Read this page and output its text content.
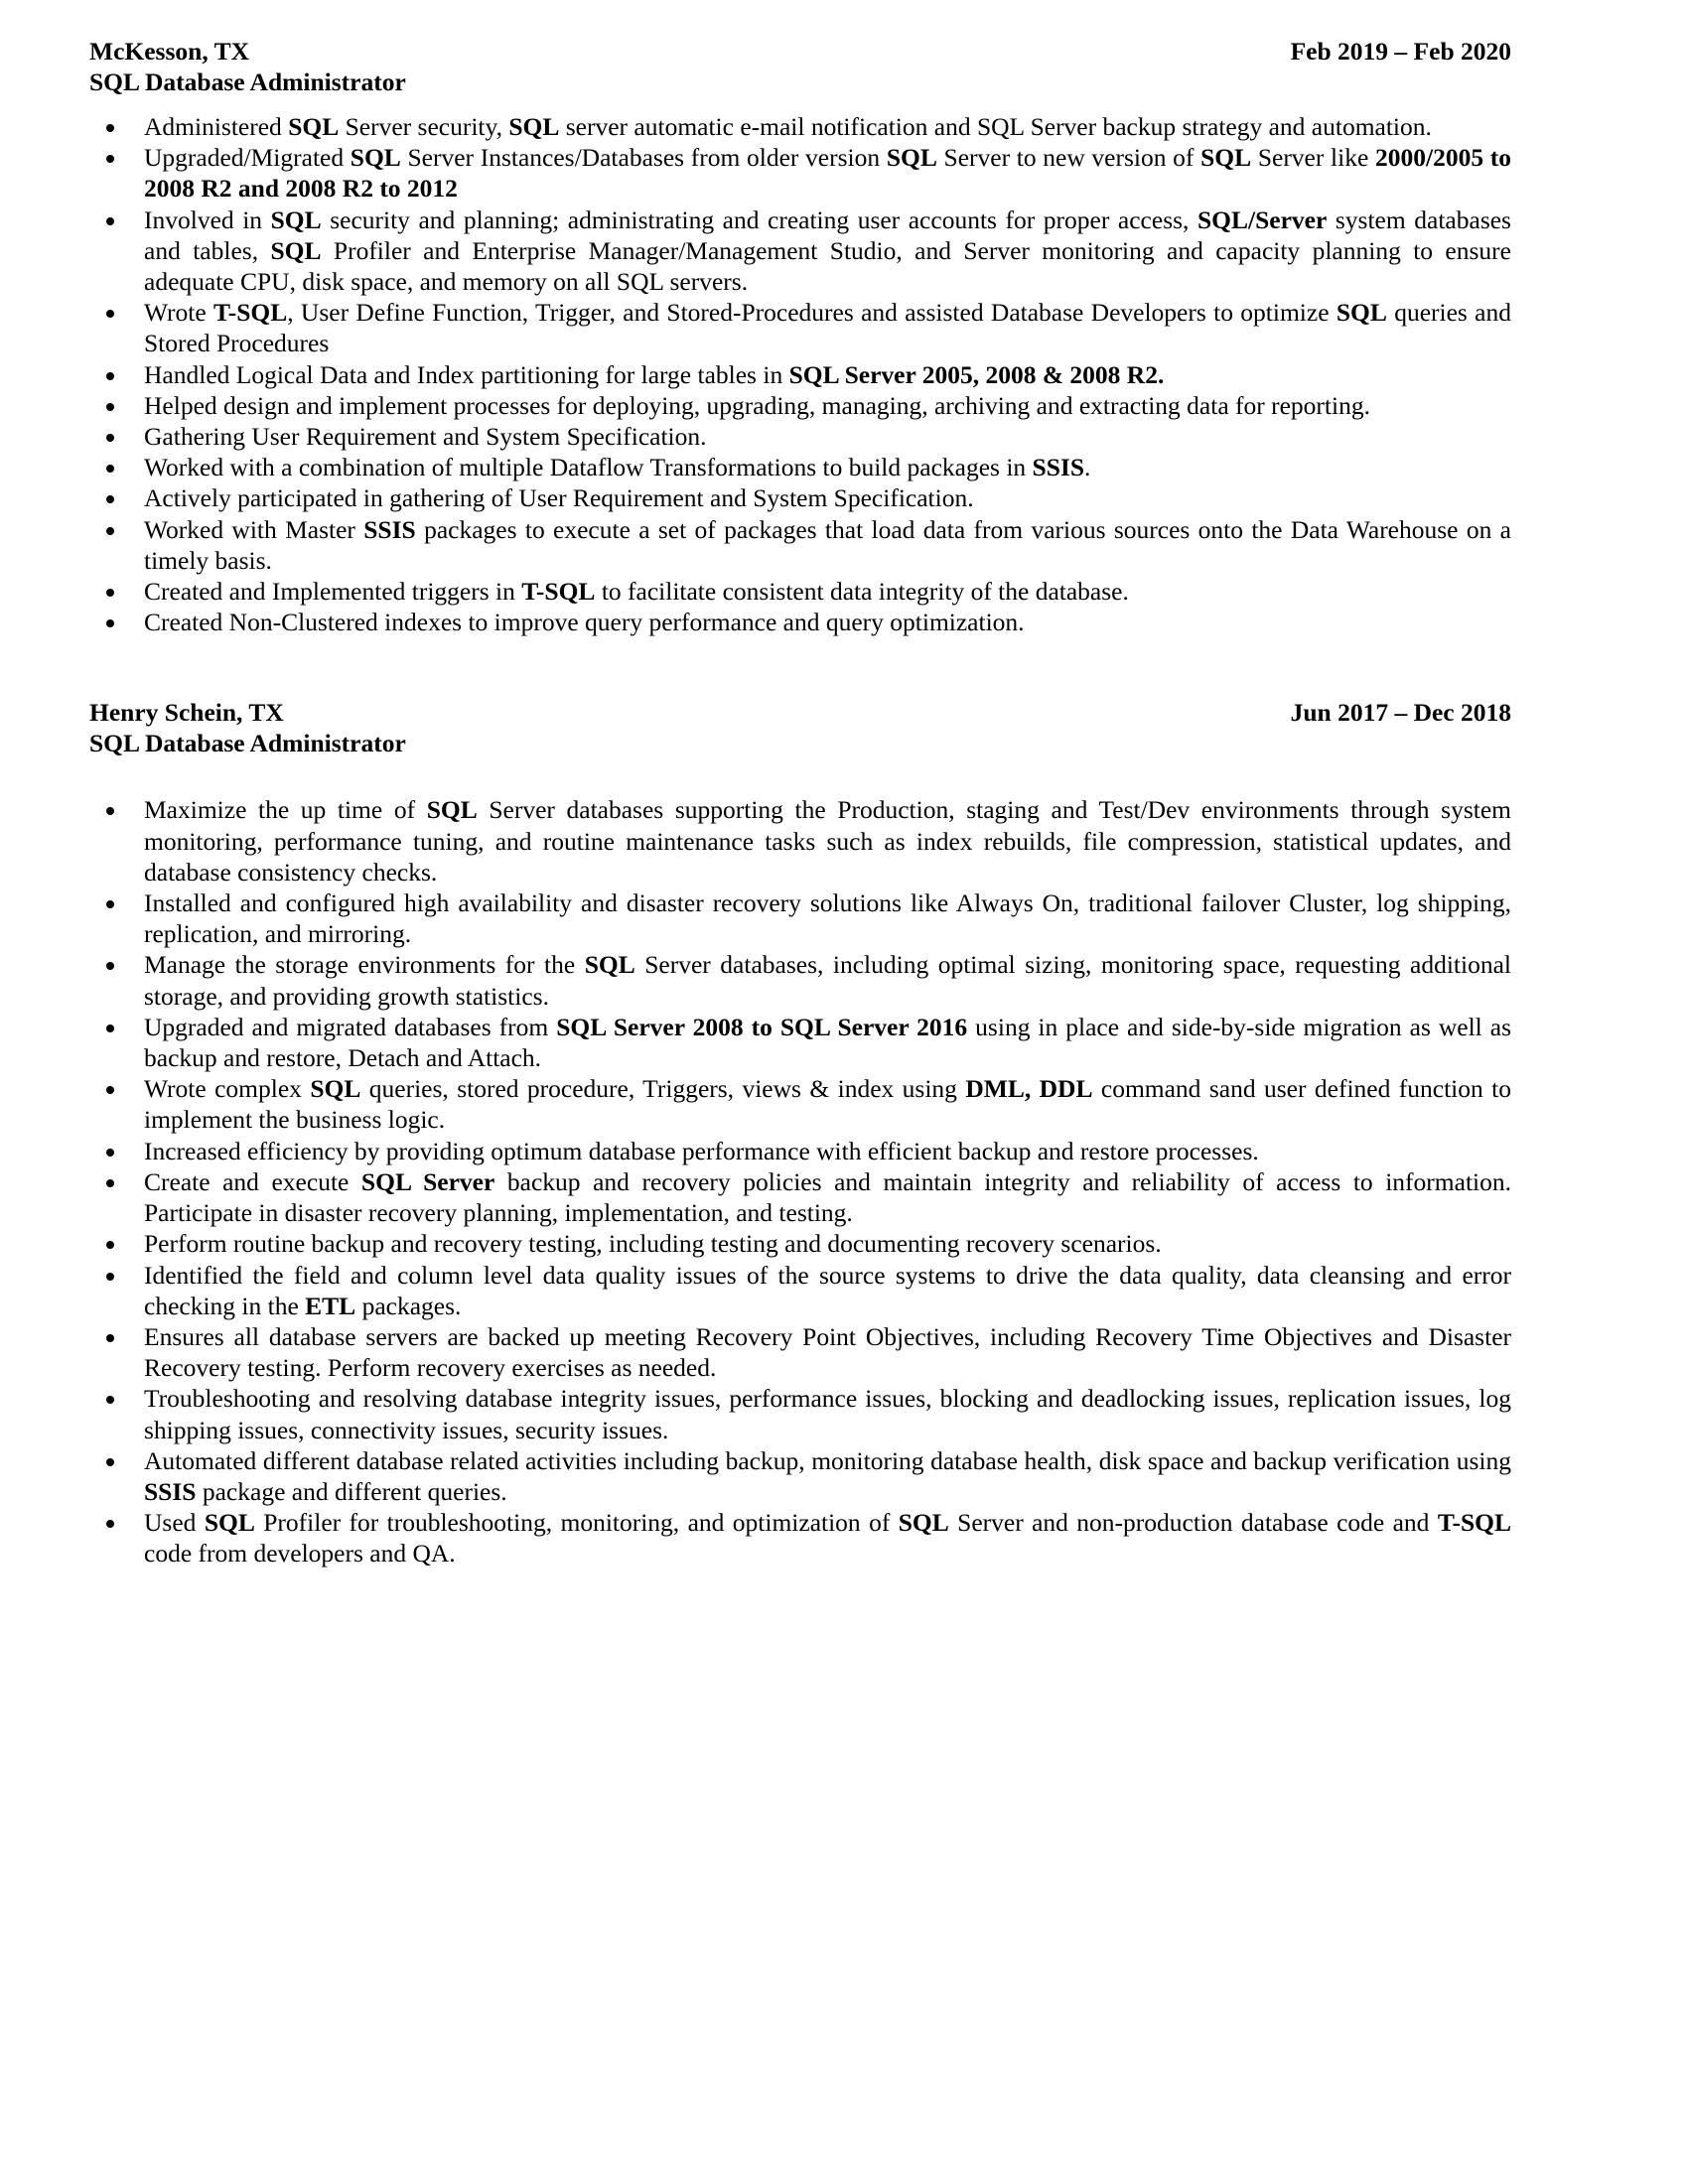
McKesson, TX	Feb 2019 – Feb 2020
SQL Database Administrator
Administered SQL Server security, SQL server automatic e-mail notification and SQL Server backup strategy and automation.
Upgraded/Migrated SQL Server Instances/Databases from older version SQL Server to new version of SQL Server like 2000/2005 to 2008 R2 and 2008 R2 to 2012
Involved in SQL security and planning; administrating and creating user accounts for proper access, SQL/Server system databases and tables, SQL Profiler and Enterprise Manager/Management Studio, and Server monitoring and capacity planning to ensure adequate CPU, disk space, and memory on all SQL servers.
Wrote T-SQL, User Define Function, Trigger, and Stored-Procedures and assisted Database Developers to optimize SQL queries and Stored Procedures
Handled Logical Data and Index partitioning for large tables in SQL Server 2005, 2008 & 2008 R2.
Helped design and implement processes for deploying, upgrading, managing, archiving and extracting data for reporting.
Gathering User Requirement and System Specification.
Worked with a combination of multiple Dataflow Transformations to build packages in SSIS.
Actively participated in gathering of User Requirement and System Specification.
Worked with Master SSIS packages to execute a set of packages that load data from various sources onto the Data Warehouse on a timely basis.
Created and Implemented triggers in T-SQL to facilitate consistent data integrity of the database.
Created Non-Clustered indexes to improve query performance and query optimization.
Henry Schein, TX	Jun 2017 – Dec 2018
SQL Database Administrator
Maximize the up time of SQL Server databases supporting the Production, staging and Test/Dev environments through system monitoring, performance tuning, and routine maintenance tasks such as index rebuilds, file compression, statistical updates, and database consistency checks.
Installed and configured high availability and disaster recovery solutions like Always On, traditional failover Cluster, log shipping, replication, and mirroring.
Manage the storage environments for the SQL Server databases, including optimal sizing, monitoring space, requesting additional storage, and providing growth statistics.
Upgraded and migrated databases from SQL Server 2008 to SQL Server 2016 using in place and side-by-side migration as well as backup and restore, Detach and Attach.
Wrote complex SQL queries, stored procedure, Triggers, views & index using DML, DDL command sand user defined function to implement the business logic.
Increased efficiency by providing optimum database performance with efficient backup and restore processes.
Create and execute SQL Server backup and recovery policies and maintain integrity and reliability of access to information. Participate in disaster recovery planning, implementation, and testing.
Perform routine backup and recovery testing, including testing and documenting recovery scenarios.
Identified the field and column level data quality issues of the source systems to drive the data quality, data cleansing and error checking in the ETL packages.
Ensures all database servers are backed up meeting Recovery Point Objectives, including Recovery Time Objectives and Disaster Recovery testing. Perform recovery exercises as needed.
Troubleshooting and resolving database integrity issues, performance issues, blocking and deadlocking issues, replication issues, log shipping issues, connectivity issues, security issues.
Automated different database related activities including backup, monitoring database health, disk space and backup verification using SSIS package and different queries.
Used SQL Profiler for troubleshooting, monitoring, and optimization of SQL Server and non-production database code and T-SQL code from developers and QA.
